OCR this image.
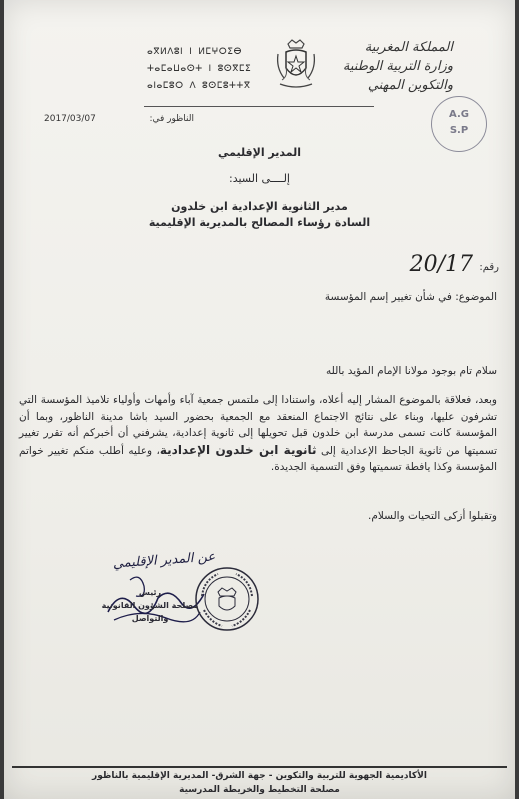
المملكة المغربية
وزارة التربية الوطنية
والتكوين المهني
ⴰⴳⵍⴷⵓⵏ ⵏ ⵍⵎⵖⵔⵉⴱ
ⵜⴰⵎⴰⵡⴰⵙⵜ ⵏ ⵓⵙⴳⵎⵉ
ⴰⵏⴰⵎⵓⵔ ⴷ ⵓⵙⵎⵓⵜⵜⴳ
الناظور في:
2017/03/07	A.G
S.P
المدير الإقليمي
إلــــى السيد:
مدير الثانوية الإعدادية ابن خلدون
السادة رؤساء المصالح بالمديرية الإقليمية
رقم:
20/17
الموضوع: في شأن تغيير إسم المؤسسة
سلام تام بوجود مولانا الإمام المؤيد بالله
وبعد، فعلاقة بالموضوع المشار إليه أعلاه، واستنادا إلى ملتمس جمعية آباء وأمهات وأولياء تلاميذ المؤسسة التي تشرفون عليها، وبناء على نتائج الاجتماع المنعقد مع الجمعية بحضور السيد باشا مدينة الناظور، وبما أن المؤسسة كانت تسمى مدرسة ابن خلدون قبل تحويلها إلى ثانوية إعدادية، يشرفني أن أخبركم أنه تقرر تغيير تسميتها من ثانوية الجاحظ الإعدادية إلى ثانوية ابن خلدون الإعدادية، وعليه أطلب منكم تغيير خواتم المؤسسة وكذا يافطة تسميتها وفق التسمية الجديدة.
وتقبلوا أزكى التحيات والسلام.
عن المدير الإقليمي
رئيس
مصلحة الشؤون القانونية
والتواصل
الأكاديمية الجهوية للتربية والتكوين - جهة الشرق- المديرية الإقليمية بالناظور
مصلحة التخطيط والخريطة المدرسية
